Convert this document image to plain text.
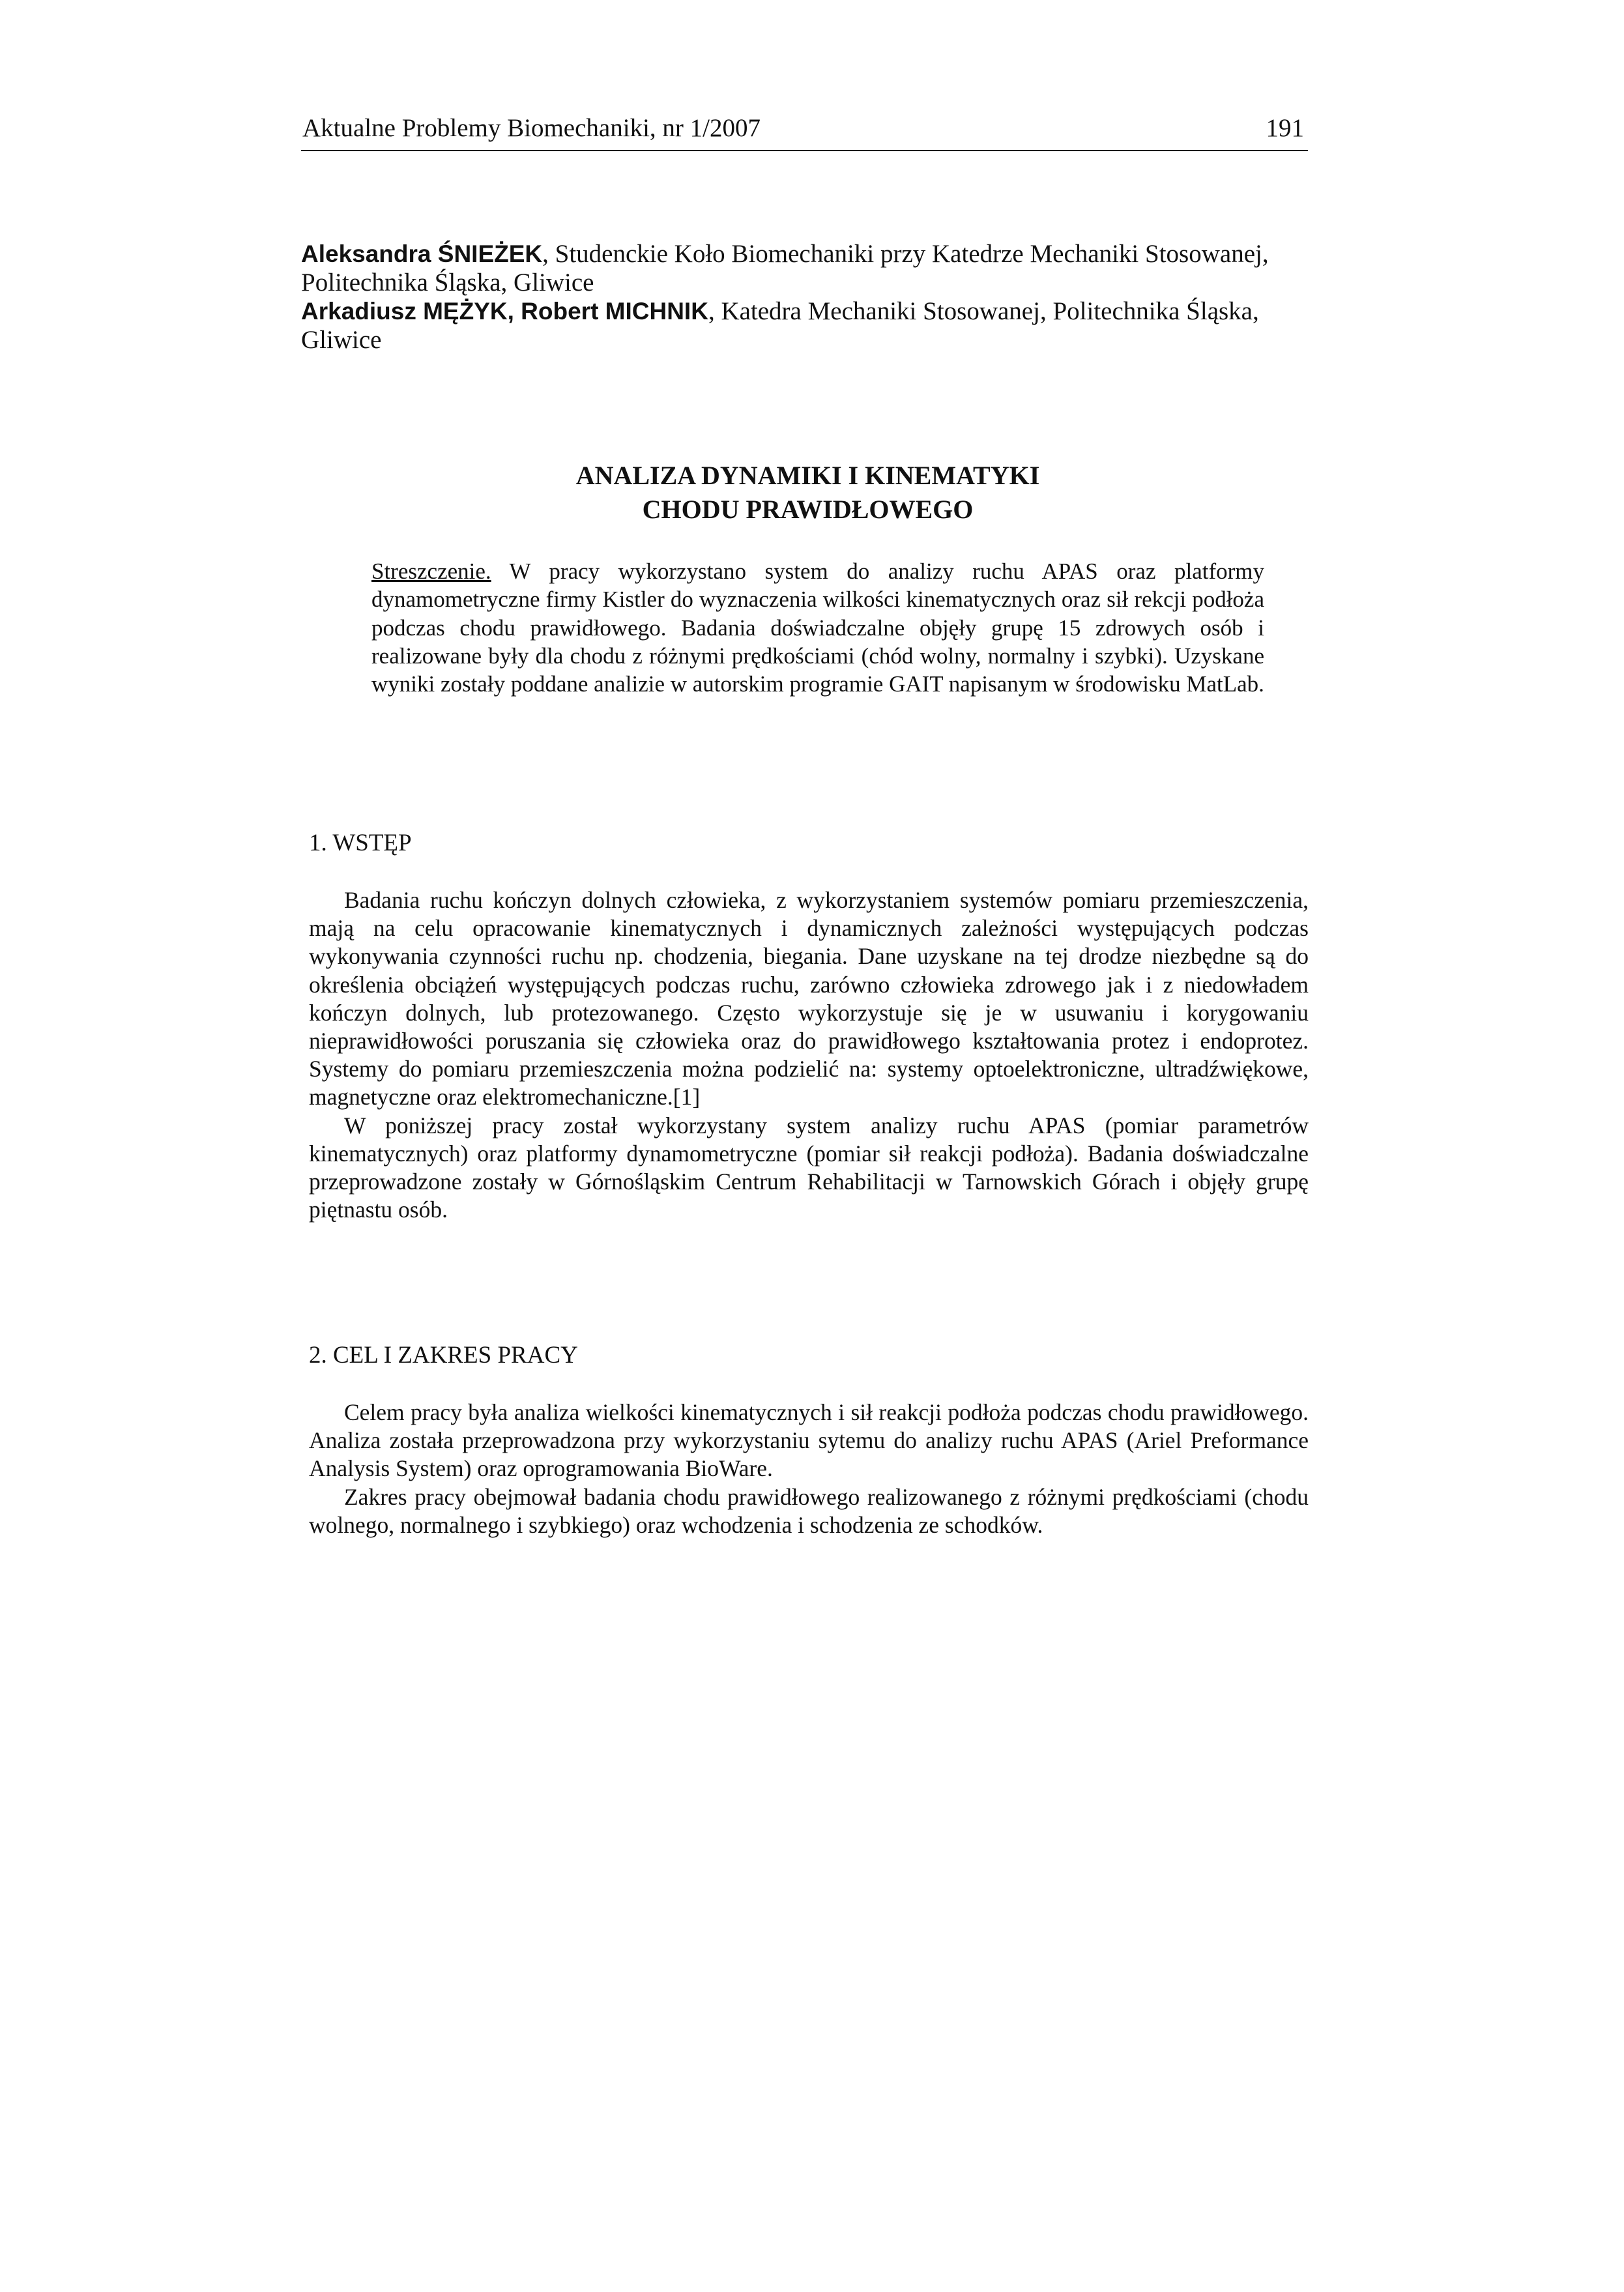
Aktualne Problemy Biomechaniki, nr 1/2007	191

Aleksandra ŚNIEŻEK, Studenckie Koło Biomechaniki przy Katedrze Mechaniki Stosowanej, Politechnika Śląska, Gliwice

Arkadiusz MĘŻYK, Robert MICHNIK, Katedra Mechaniki Stosowanej, Politechnika Śląska, Gliwice

ANALIZA DYNAMIKI I KINEMATYKI
CHODU PRAWIDŁOWEGO
Streszczenie. W pracy wykorzystano system do analizy ruchu APAS oraz platformy dynamometryczne firmy Kistler do wyznaczenia wilkości kinematycznych oraz sił rekcji podłoża podczas chodu prawidłowego. Badania doświadczalne objęły grupę 15 zdrowych osób i realizowane były dla chodu z różnymi prędkościami (chód wolny, normalny i szybki). Uzyskane wyniki zostały poddane analizie w autorskim programie GAIT napisanym w środowisku MatLab.
1. WSTĘP

Badania ruchu kończyn dolnych człowieka, z wykorzystaniem systemów pomiaru przemieszczenia, mają na celu opracowanie kinematycznych i dynamicznych zależności występujących podczas wykonywania czynności ruchu np. chodzenia, biegania. Dane uzyskane na tej drodze niezbędne są do określenia obciążeń występujących podczas ruchu, zarówno człowieka zdrowego jak i z niedowładem kończyn dolnych, lub protezowanego. Często wykorzystuje się je w usuwaniu i korygowaniu nieprawidłowości poruszania się człowieka oraz do prawidłowego kształtowania protez i endoprotez. Systemy do pomiaru przemieszczenia można podzielić na: systemy optoelektroniczne, ultradźwiękowe, magnetyczne oraz elektromechaniczne.[1]

W poniższej pracy został wykorzystany system analizy ruchu APAS (pomiar parametrów kinematycznych) oraz platformy dynamometryczne (pomiar sił reakcji podłoża). Badania doświadczalne przeprowadzone zostały w Górnośląskim Centrum Rehabilitacji w Tarnowskich Górach i objęły grupę piętnastu osób.

2. CEL I ZAKRES PRACY

Celem pracy była analiza wielkości kinematycznych i sił reakcji podłoża podczas chodu prawidłowego. Analiza została przeprowadzona przy wykorzystaniu sytemu do analizy ruchu APAS (Ariel Preformance Analysis System) oraz oprogramowania BioWare.

Zakres pracy obejmował badania chodu prawidłowego realizowanego z różnymi prędkościami (chodu wolnego, normalnego i szybkiego) oraz wchodzenia i schodzenia ze schodków.
